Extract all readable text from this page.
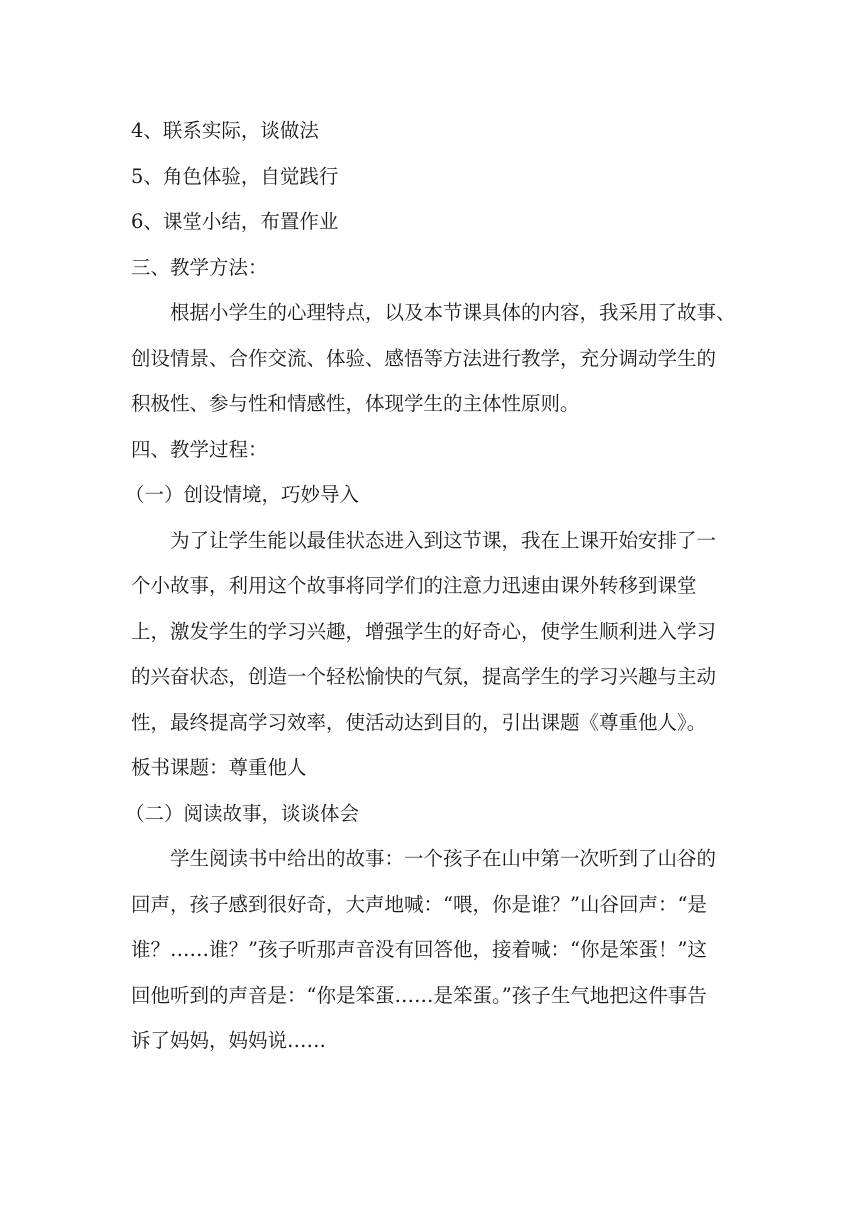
4、联系实际，谈做法

5、角色体验，自觉践行

6、课堂小结，布置作业

三、教学方法：

根据小学生的心理特点，以及本节课具体的内容，我采用了故事、

创设情景、合作交流、体验、感悟等方法进行教学，充分调动学生的

积极性、参与性和情感性，体现学生的主体性原则。

四、教学过程：

（一）创设情境，巧妙导入

为了让学生能以最佳状态进入到这节课，我在上课开始安排了一

个小故事，利用这个故事将同学们的注意力迅速由课外转移到课堂

上，激发学生的学习兴趣，增强学生的好奇心，使学生顺利进入学习

的兴奋状态，创造一个轻松愉快的气氛，提高学生的学习兴趣与主动

性，最终提高学习效率，使活动达到目的，引出课题《尊重他人》。

板书课题：尊重他人

（二）阅读故事，谈谈体会

学生阅读书中给出的故事：一个孩子在山中第一次听到了山谷的

回声，孩子感到很好奇，大声地喊：“喂，你是谁？”山谷回声：“是

谁？……谁？”孩子听那声音没有回答他，接着喊：“你是笨蛋！”这

回他听到的声音是：“你是笨蛋……是笨蛋。”孩子生气地把这件事告

诉了妈妈，妈妈说……
